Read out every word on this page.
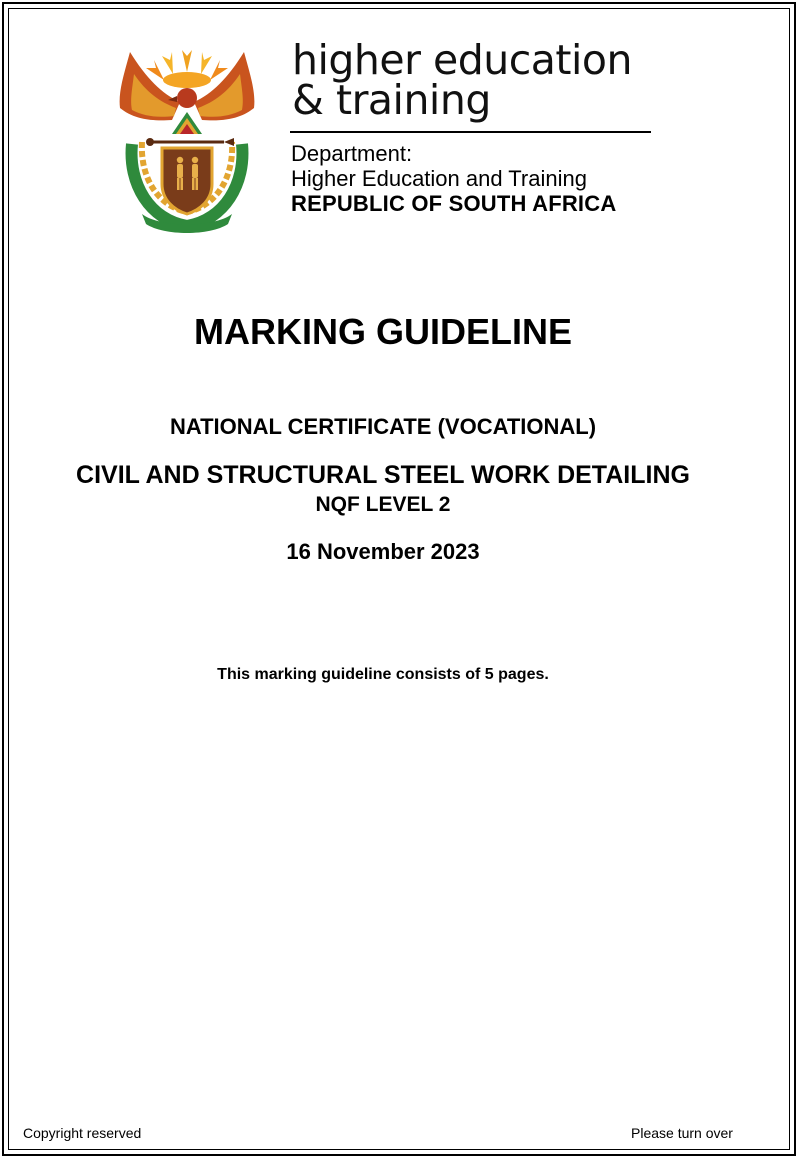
higher education
& training
Department:
Higher Education and Training
REPUBLIC OF SOUTH AFRICA
MARKING GUIDELINE
NATIONAL CERTIFICATE (VOCATIONAL)
CIVIL AND STRUCTURAL STEEL WORK DETAILING
NQF LEVEL 2
16 November 2023
This marking guideline consists of 5 pages.
Copyright reserved	Please turn over
